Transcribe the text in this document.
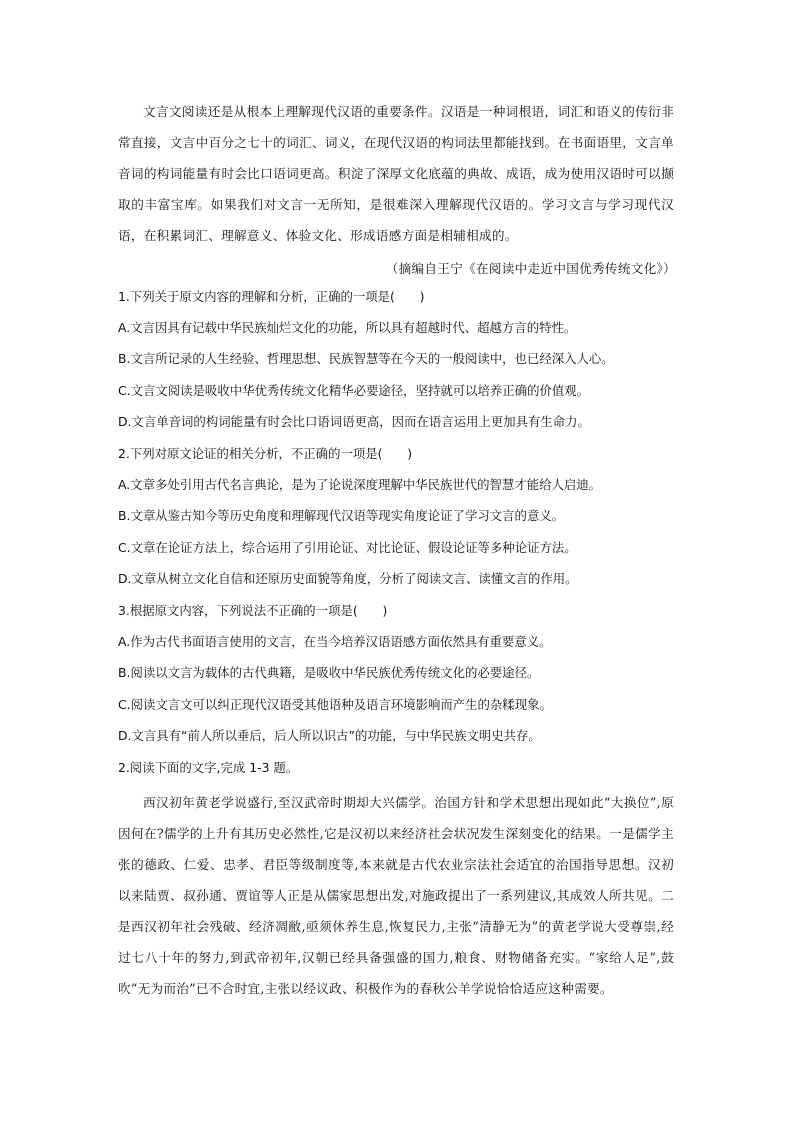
文言文阅读还是从根本上理解现代汉语的重要条件。汉语是一种词根语，词汇和语义的传衍非常直接，文言中百分之七十的词汇、词义，在现代汉语的构词法里都能找到。在书面语里，文言单音词的构词能量有时会比口语词更高。积淀了深厚文化底蕴的典故、成语，成为使用汉语时可以撷取的丰富宝库。如果我们对文言一无所知，是很难深入理解现代汉语的。学习文言与学习现代汉语，在积累词汇、理解意义、体验文化、形成语感方面是相辅相成的。
（摘编自王宁《在阅读中走近中国优秀传统文化》）
1.下列关于原文内容的理解和分析，正确的一项是(　　)
A.文言因具有记载中华民族灿烂文化的功能，所以具有超越时代、超越方言的特性。
B.文言所记录的人生经验、哲理思想、民族智慧等在今天的一般阅读中，也已经深入人心。
C.文言文阅读是吸收中华优秀传统文化精华必要途径，坚持就可以培养正确的价值观。
D.文言单音词的构词能量有时会比口语词语更高，因而在语言运用上更加具有生命力。
2.下列对原文论证的相关分析，不正确的一项是(　　)
A.文章多处引用古代名言典论，是为了论说深度理解中华民族世代的智慧才能给人启迪。
B.文章从鉴古知今等历史角度和理解现代汉语等现实角度论证了学习文言的意义。
C.文章在论证方法上，综合运用了引用论证、对比论证、假设论证等多种论证方法。
D.文章从树立文化自信和还原历史面貌等角度，分析了阅读文言、读懂文言的作用。
3.根据原文内容，下列说法不正确的一项是(　　)
A.作为古代书面语言使用的文言，在当今培养汉语语感方面依然具有重要意义。
B.阅读以文言为载体的古代典籍，是吸收中华民族优秀传统文化的必要途径。
C.阅读文言文可以纠正现代汉语受其他语种及语言环境影响而产生的杂糅现象。
D.文言具有“前人所以垂后，后人所以识古”的功能，与中华民族文明史共存。
2.阅读下面的文字,完成 1-3 题。
西汉初年黄老学说盛行,至汉武帝时期却大兴儒学。治国方针和学术思想出现如此“大换位”,原因何在?儒学的上升有其历史必然性,它是汉初以来经济社会状况发生深刻变化的结果。一是儒学主张的德政、仁爱、忠孝、君臣等级制度等,本来就是古代农业宗法社会适宜的治国指导思想。汉初以来陆贾、叔孙通、贾谊等人正是从儒家思想出发,对施政提出了一系列建议,其成效人所共见。二是西汉初年社会残破、经济凋敝,亟须休养生息,恢复民力,主张“清静无为”的黄老学说大受尊崇,经过七八十年的努力,到武帝初年,汉朝已经具备强盛的国力,粮食、财物储备充实。“家给人足”,鼓吹“无为而治”已不合时宜,主张以经议政、积极作为的春秋公羊学说恰恰适应这种需要。
